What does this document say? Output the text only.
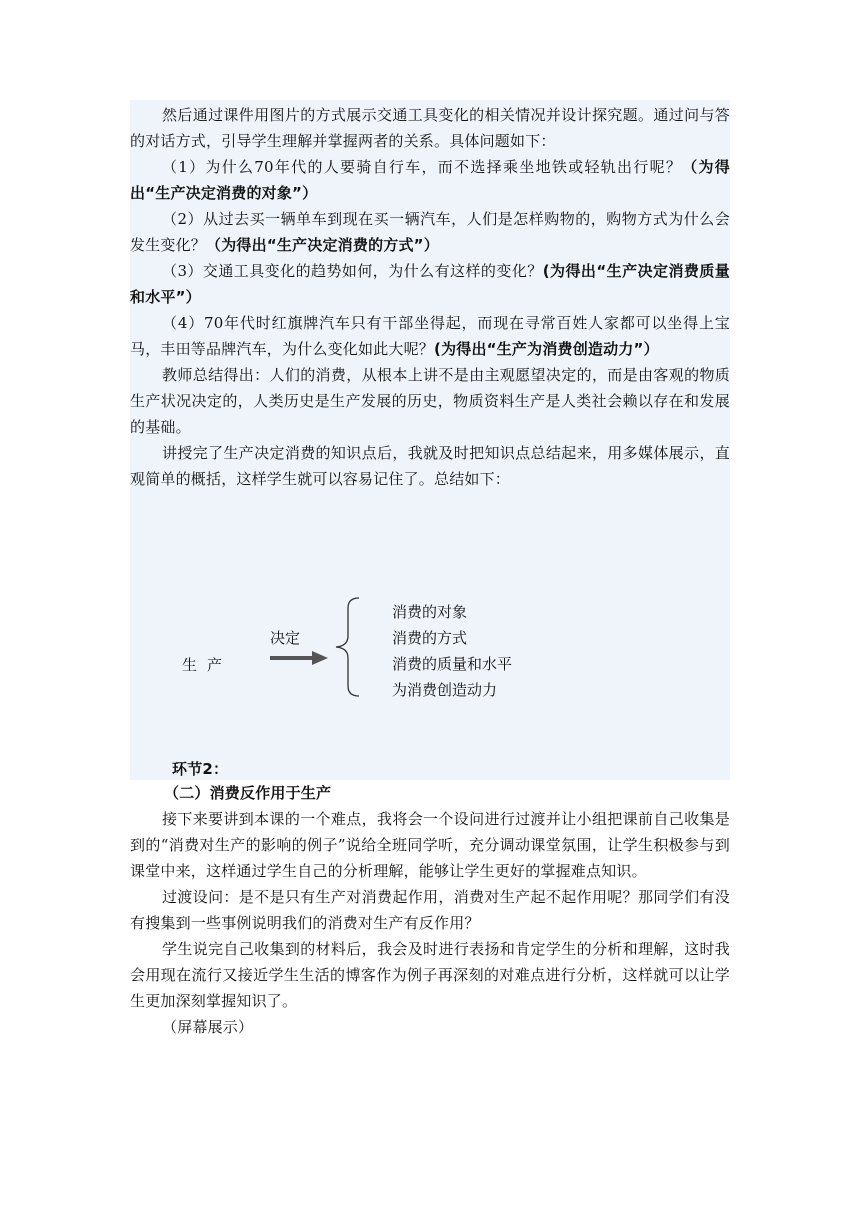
然后通过课件用图片的方式展示交通工具变化的相关情况并设计探究题。通过问与答的对话方式，引导学生理解并掌握两者的关系。具体问题如下：

（1）为什么70年代的人要骑自行车，而不选择乘坐地铁或轻轨出行呢？（为得出“生产决定消费的对象”）

（2）从过去买一辆单车到现在买一辆汽车，人们是怎样购物的，购物方式为什么会发生变化？（为得出“生产决定消费的方式”）

（3）交通工具变化的趋势如何，为什么有这样的变化？(为得出“生产决定消费质量和水平”）

（4）70年代时红旗牌汽车只有干部坐得起，而现在寻常百姓人家都可以坐得上宝马，丰田等品牌汽车，为什么变化如此大呢？(为得出“生产为消费创造动力”）

教师总结得出：人们的消费，从根本上讲不是由主观愿望决定的，而是由客观的物质生产状况决定的，人类历史是生产发展的历史，物质资料生产是人类社会赖以存在和发展的基础。

讲授完了生产决定消费的知识点后，我就及时把知识点总结起来，用多媒体展示，直观简单的概括，这样学生就可以容易记住了。总结如下：

生产
决定
消费的对象
消费的方式
消费的质量和水平
为消费创造动力

环节2：

（二）消费反作用于生产

接下来要讲到本课的一个难点，我将会一个设问进行过渡并让小组把课前自己收集是到的“消费对生产的影响的例子”说给全班同学听，充分调动课堂氛围，让学生积极参与到课堂中来，这样通过学生自己的分析理解，能够让学生更好的掌握难点知识。

过渡设问：是不是只有生产对消费起作用，消费对生产起不起作用呢？那同学们有没有搜集到一些事例说明我们的消费对生产有反作用？

学生说完自己收集到的材料后，我会及时进行表扬和肯定学生的分析和理解，这时我会用现在流行又接近学生生活的博客作为例子再深刻的对难点进行分析，这样就可以让学生更加深刻掌握知识了。

（屏幕展示）
